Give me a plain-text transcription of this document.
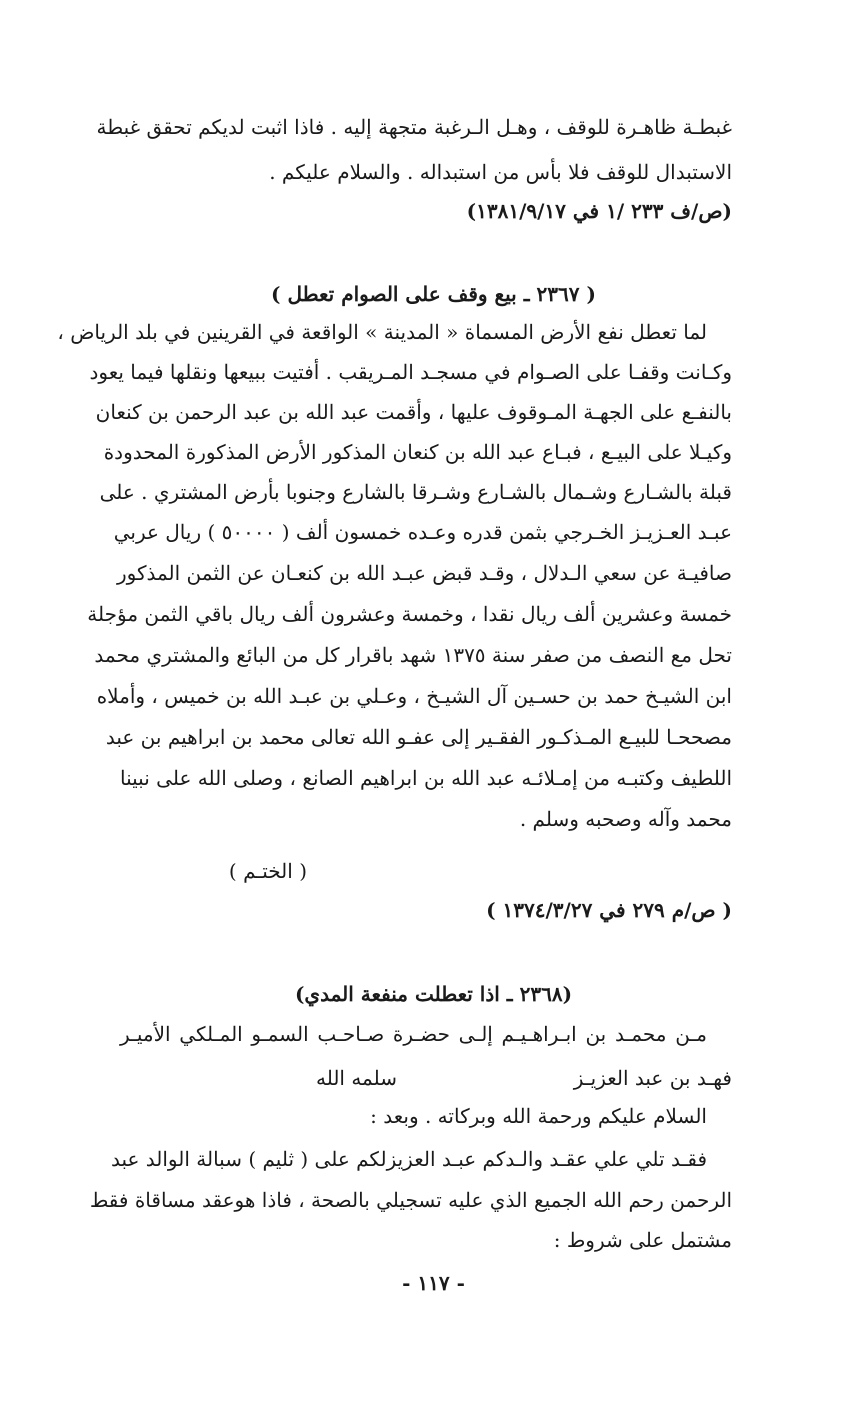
غبطـة ظاهـرة للوقف ، وهـل الـرغبة متجهة إليه . فاذا اثبت لديكم تحقق غبطة
الاستبدال للوقف فلا بأس من استبداله . والسلام عليكم .
(ص/ف ٢٣٣ /١ في ١٣٨١/٩/١٧)
( ٢٣٦٧ ـ بيع وقف على الصوام تعطل )
لما تعطل نفع الأرض المسماة « المدينة » الواقعة في القرينين في بلد الرياض ،
وكـانت وقفـا على الصـوام في مسجـد المـريقب . أفتيت ببيعها ونقلها فيما يعود
بالنفـع على الجهـة المـوقوف عليها ، وأقمت عبد الله بن عبد الرحمن بن كنعان
وكيـلا على البيـع ، فبـاع عبد الله بن كنعان المذكور الأرض المذكورة المحدودة
قبلة بالشـارع وشـمال بالشـارع وشـرقا بالشارع وجنوبا بأرض المشتري . على
عبـد العـزيـز الخـرجي بثمن قدره وعـده خمسون ألف ( ٥٠٠٠٠ ) ريال عربي
صافيـة عن سعي الـدلال ، وقـد قبض عبـد الله بن كنعـان عن الثمن المذكور
خمسة وعشرين ألف ريال نقدا ، وخمسة وعشرون ألف ريال باقي الثمن مؤجلة
تحل مع النصف من صفر سنة ١٣٧٥ شهد باقرار كل من البائع والمشتري محمد
ابن الشيـخ حمد بن حسـين آل الشيـخ ، وعـلي بن عبـد الله بن خميس ، وأملاه
مصححـا للبيـع المـذكـور الفقـير إلى عفـو الله تعالى محمد بن ابراهيم بن عبد
اللطيف وكتبـه من إمـلائـه عبد الله بن ابراهيم الصانع ، وصلى الله على نبينا
محمد وآله وصحبه وسلم .
( الختـم )
( ص/م ٢٧٩ في ١٣٧٤/٣/٢٧ )
(٢٣٦٨ ـ اذا تعطلت منفعة المدي)
مـن محمـد بن ابـراهـيـم إلـى حضـرة صـاحـب السمـو المـلكي الأميـر
فهـد بن عبد العزيـز
سلمه الله
السلام عليكم ورحمة الله وبركاته . وبعد :
فقـد تلي علي عقـد والـدكم عبـد العزيزلكم على ( ثليم ) سبالة الوالد عبد
الرحمن رحم الله الجميع الذي عليه تسجيلي بالصحة ، فاذا هوعقد مساقاة فقط
مشتمل على شروط :
- ١١٧ -
